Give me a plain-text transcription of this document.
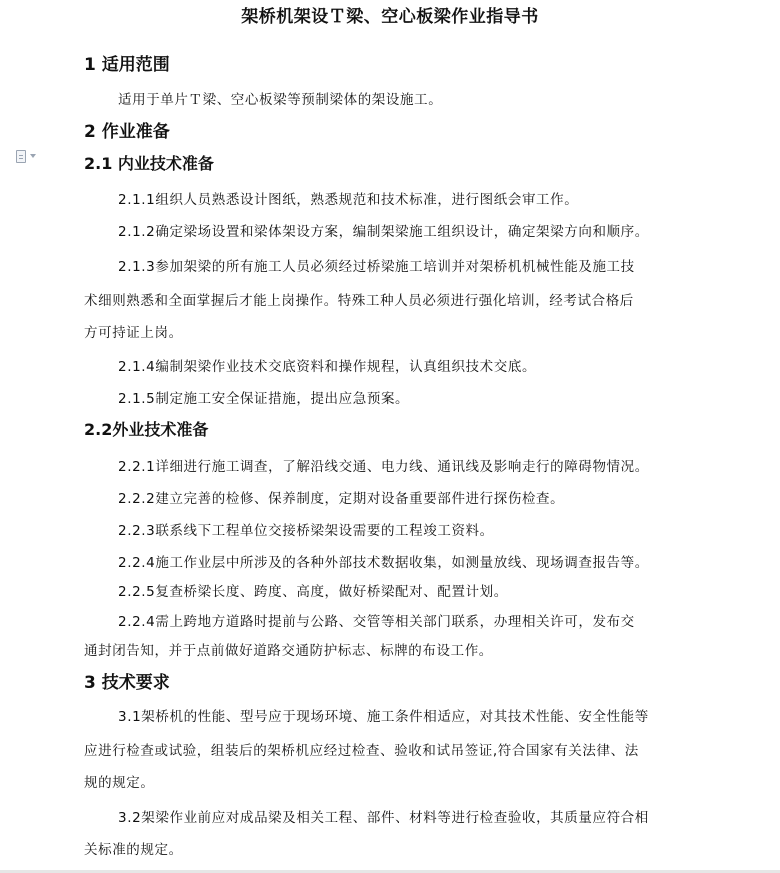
架桥机架设Ｔ梁、空心板梁作业指导书
1 适用范围
适用于单片Ｔ梁、空心板梁等预制梁体的架设施工。
2 作业准备
2.1 内业技术准备
2.1.1组织人员熟悉设计图纸，熟悉规范和技术标准，进行图纸会审工作。
2.1.2确定梁场设置和梁体架设方案，编制架梁施工组织设计，确定架梁方向和顺序。
2.1.3参加架梁的所有施工人员必须经过桥梁施工培训并对架桥机机械性能及施工技
术细则熟悉和全面掌握后才能上岗操作。特殊工种人员必须进行强化培训，经考试合格后
方可持证上岗。
2.1.4编制架梁作业技术交底资料和操作规程，认真组织技术交底。
2.1.5制定施工安全保证措施，提出应急预案。
2.2外业技术准备
2.2.1详细进行施工调查，了解沿线交通、电力线、通讯线及影响走行的障碍物情况。
2.2.2建立完善的检修、保养制度，定期对设备重要部件进行探伤检查。
2.2.3联系线下工程单位交接桥梁架设需要的工程竣工资料。
2.2.4施工作业层中所涉及的各种外部技术数据收集，如测量放线、现场调查报告等。
2.2.5复查桥梁长度、跨度、高度，做好桥梁配对、配置计划。
2.2.4需上跨地方道路时提前与公路、交管等相关部门联系，办理相关许可，发布交
通封闭告知，并于点前做好道路交通防护标志、标牌的布设工作。
3 技术要求
3.1架桥机的性能、型号应于现场环境、施工条件相适应，对其技术性能、安全性能等
应进行检查或试验，组装后的架桥机应经过检查、验收和试吊签证,符合国家有关法律、法
规的规定。
3.2架梁作业前应对成品梁及相关工程、部件、材料等进行检查验收，其质量应符合相
关标准的规定。
